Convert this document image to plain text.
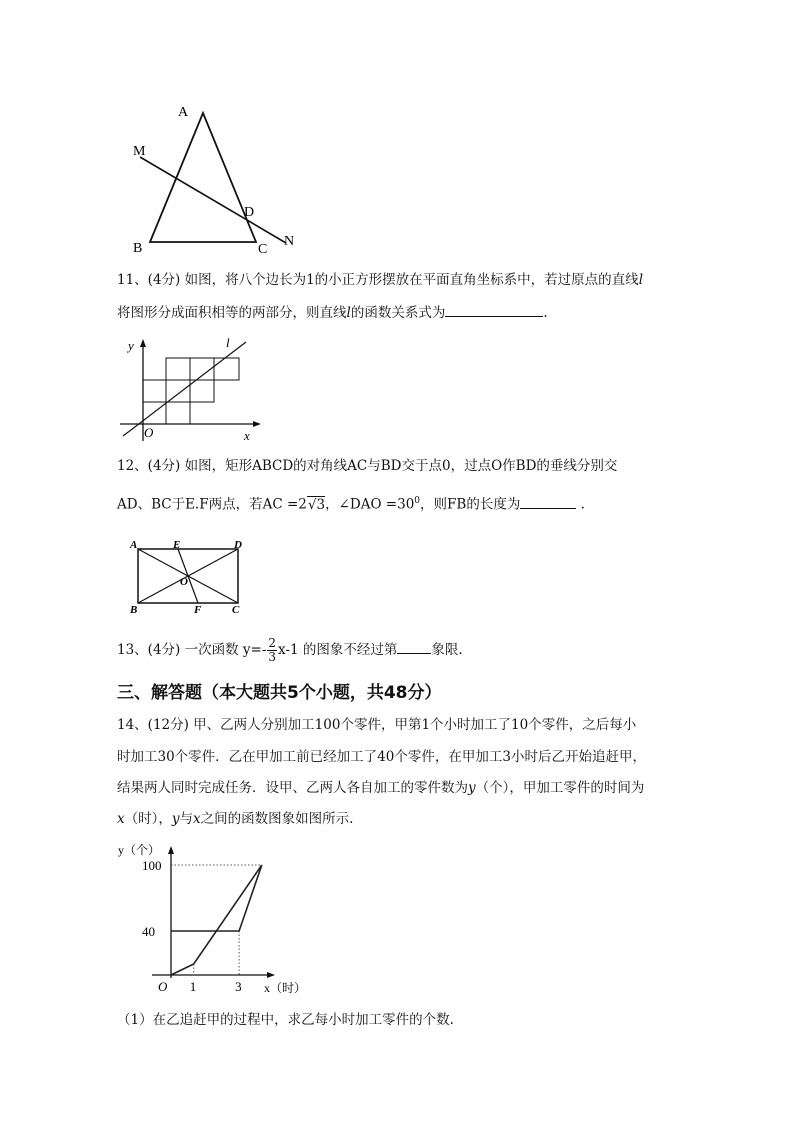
A
M
D
B	C
N
11、(4分) 如图，将八个边长为1的小正方形摆放在平面直角坐标系中，若过原点的直线l
将图形分成面积相等的两部分，则直线l的函数关系式为	.
y	l
O	x
12、(4分) 如图，矩形ABCD的对角线AC与BD交于点0，过点O作BD的垂线分别交
AD、BC于E.F两点，若AC =2√3，∠DAO $=30^0$，则FB的长度为	.
A	E	D
O
B	F	C
13、(4分) 一次函数 $y=- \frac{2}{3} x-1$ 的图象不经过第	象限.
三、解答题（本大题共5个小题，共48分）
14、(12分) 甲、乙两人分别加工100个零件，甲第1个小时加工了10个零件，之后每小
时加工30个零件．乙在甲加工前已经加工了40个零件，在甲加工3小时后乙开始追赶甲，
结果两人同时完成任务．设甲、乙两人各自加工的零件数为y（个），甲加工零件的时间为
x（时），y与x之间的函数图象如图所示.
y（个）
x（时）
O
40
100
1	3
（1）在乙追赶甲的过程中，求乙每小时加工零件的个数.
